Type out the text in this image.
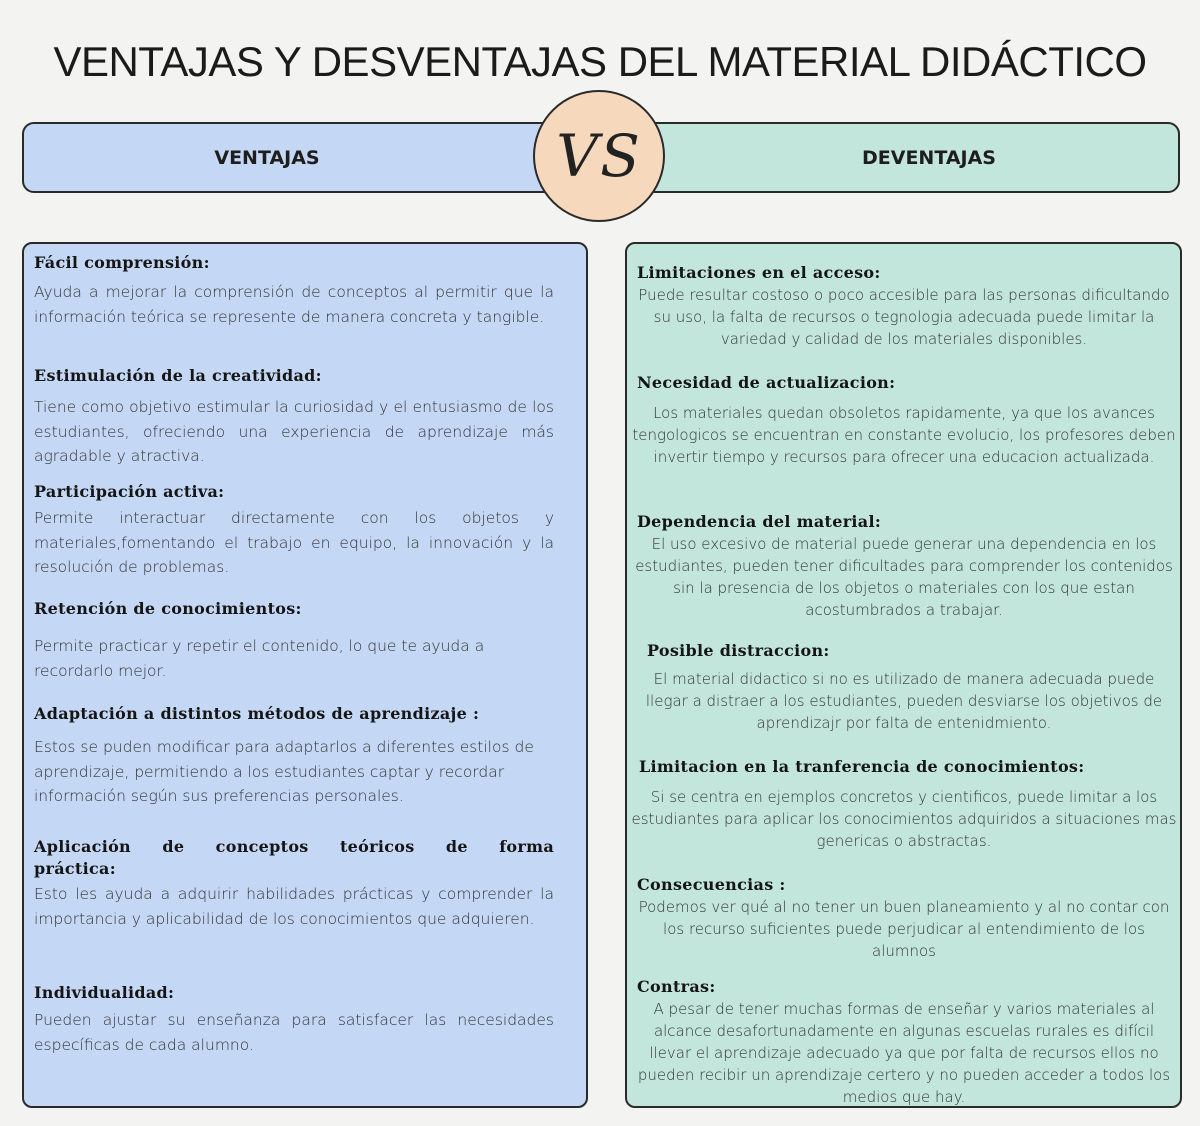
VENTAJAS Y DESVENTAJAS DEL MATERIAL DIDÁCTICO
VENTAJAS	DEVENTAJAS
VS
Fácil comprensión:
Ayuda a mejorar la comprensión de conceptos al permitir que la información teórica se represente de manera concreta y tangible.
Estimulación de la creatividad:
Tiene como objetivo estimular la curiosidad y el entusiasmo de los estudiantes, ofreciendo una experiencia de aprendizaje más agradable y atractiva.
Participación activa:
Permite interactuar directamente con los objetos y materiales,fomentando el trabajo en equipo, la innovación y la resolución de problemas.
Retención de conocimientos:
Permite practicar y repetir el contenido, lo que te ayuda a recordarlo mejor.
Adaptación a distintos métodos de aprendizaje :
Estos se puden modificar para adaptarlos a diferentes estilos de aprendizaje, permitiendo a los estudiantes captar y recordar información según sus preferencias personales.
Aplicación de conceptos teóricos de forma práctica:
Esto les ayuda a adquirir habilidades prácticas y comprender la importancia y aplicabilidad de los conocimientos que adquieren.
Individualidad:
Pueden ajustar su enseñanza para satisfacer las necesidades específicas de cada alumno.
Limitaciones en el acceso:
Puede resultar costoso o poco accesible para las personas dificultando su uso, la falta de recursos o tegnologia adecuada puede limitar la variedad y calidad de los materiales disponibles.
Necesidad de actualizacion:
Los materiales quedan obsoletos rapidamente, ya que los avances tengologicos se encuentran en constante evolucio, los profesores deben invertir tiempo y recursos para ofrecer una educacion actualizada.
Dependencia del material:
El uso excesivo de material puede generar una dependencia en los estudiantes, pueden tener dificultades para comprender los contenidos sin la presencia de los objetos o materiales con los que estan acostumbrados a trabajar.
Posible distraccion:
El material didactico si no es utilizado de manera adecuada puede llegar a distraer a los estudiantes, pueden desviarse los objetivos de aprendizajr por falta de entenidmiento.
Limitacion en la tranferencia de conocimientos:
Si se centra en ejemplos concretos y cientificos, puede limitar a los estudiantes para aplicar los conocimientos adquiridos a situaciones mas genericas o abstractas.
Consecuencias :
Podemos ver qué al no tener un buen planeamiento y al no contar con los recurso suficientes puede perjudicar al entendimiento de los alumnos
Contras:
A pesar de tener muchas formas de enseñar y varios materiales al alcance desafortunadamente en algunas escuelas rurales es difícil llevar el aprendizaje adecuado ya que por falta de recursos ellos no pueden recibir un aprendizaje certero y no pueden acceder a todos los medios que hay.
